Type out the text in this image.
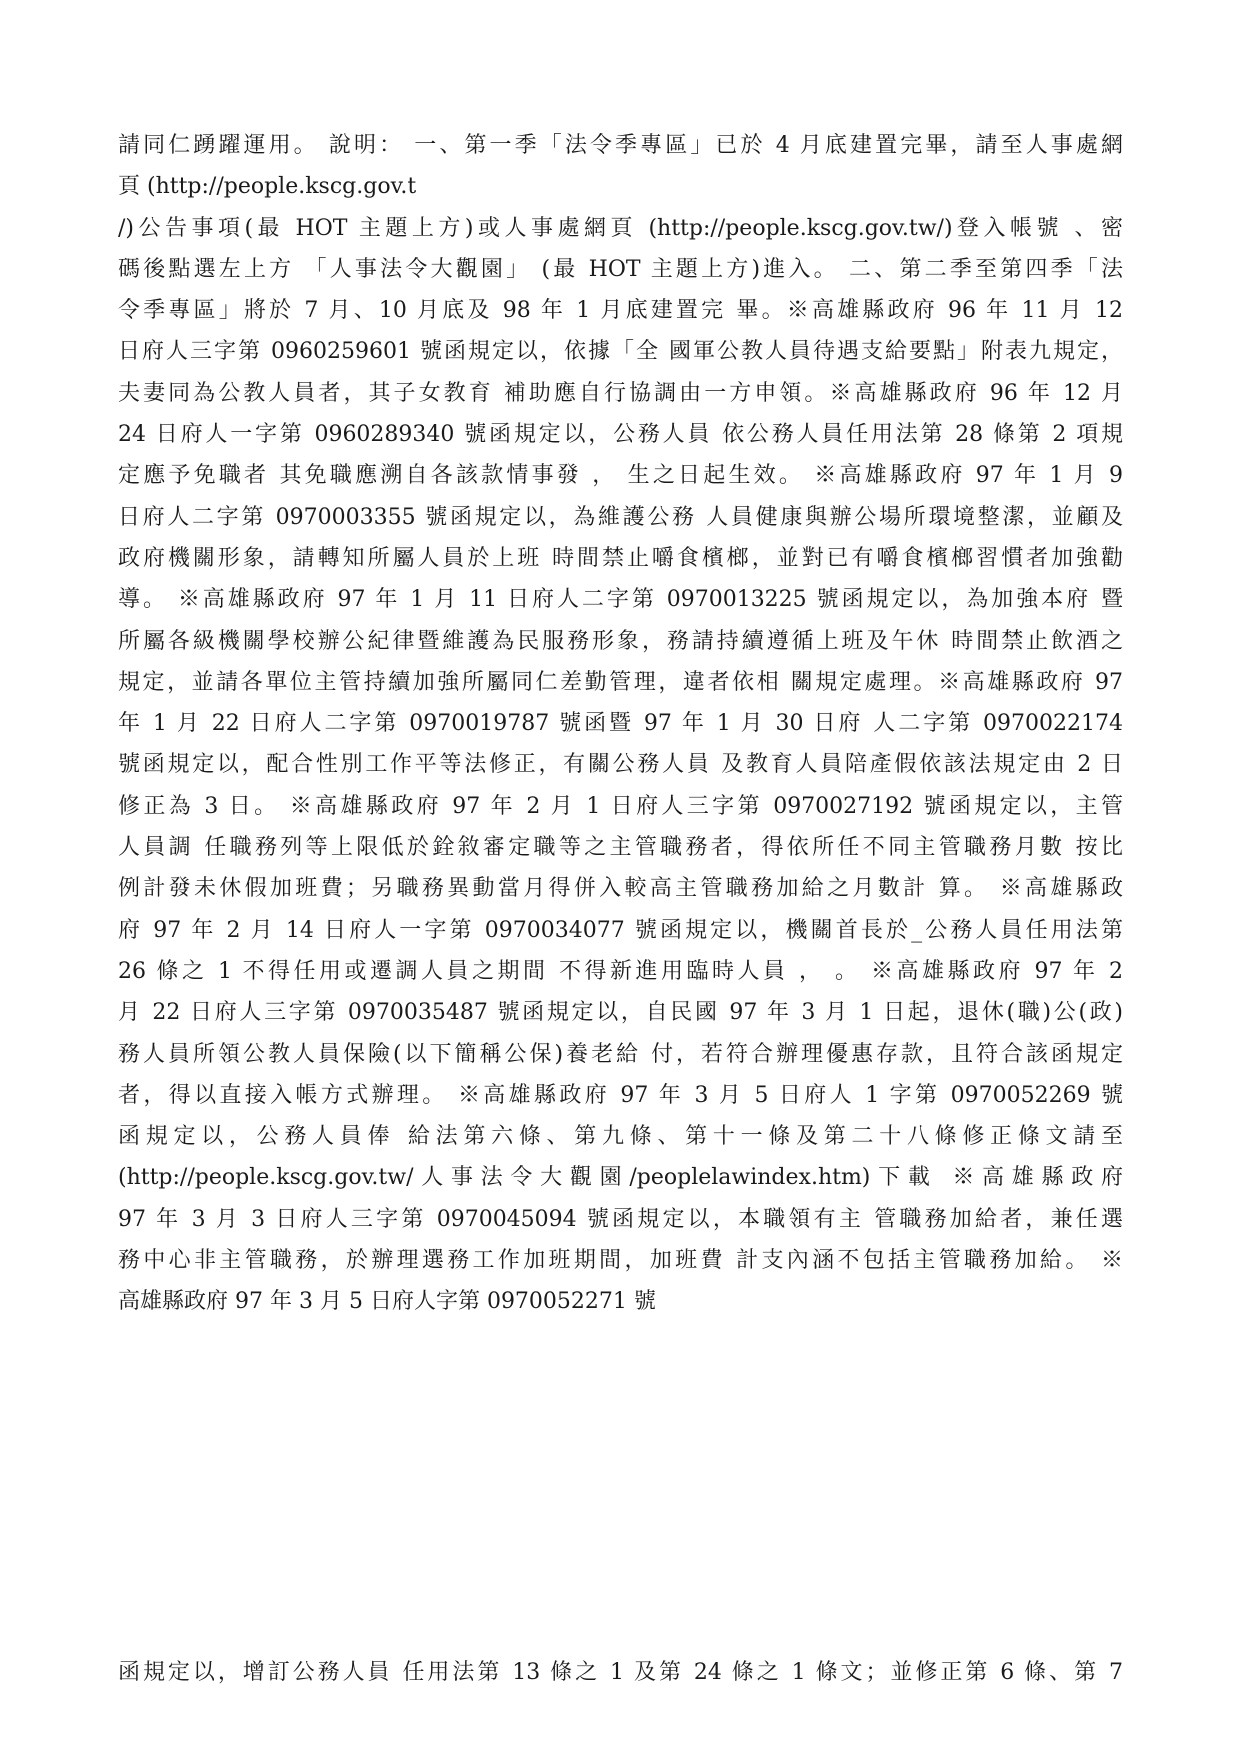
請同仁踴躍運用。 說明： 一、第一季「法令季專區」已於 4 月底建置完畢，請至人事處網
頁 (http://people.kscg.gov.t
/)公告事項(最 HOT 主題上方)或人事處網頁 (http://people.kscg.gov.tw/)登入帳號 、密
碼後點選左上方 「人事法令大觀園」 (最 HOT 主題上方)進入。 二、第二季至第四季「法
令季專區」將於 7 月、10 月底及 98 年 1 月底建置完 畢。※高雄縣政府 96 年 11 月 12
日府人三字第 0960259601 號函規定以，依據「全 國軍公教人員待遇支給要點」附表九規定，
夫妻同為公教人員者，其子女教育 補助應自行協調由一方申領。※高雄縣政府 96 年 12 月
24 日府人一字第 0960289340 號函規定以，公務人員 依公務人員任用法第 28 條第 2 項規
定應予免職者 其免職應溯自各該款情事發 ， 生之日起生效。 ※高雄縣政府 97 年 1 月 9
日府人二字第 0970003355 號函規定以，為維護公務 人員健康與辦公場所環境整潔，並顧及
政府機關形象，請轉知所屬人員於上班 時間禁止嚼食檳榔，並對已有嚼食檳榔習慣者加強勸
導。 ※高雄縣政府 97 年 1 月 11 日府人二字第 0970013225 號函規定以，為加強本府 暨
所屬各級機關學校辦公紀律暨維護為民服務形象，務請持續遵循上班及午休 時間禁止飲酒之
規定，並請各單位主管持續加強所屬同仁差勤管理，違者依相 關規定處理。※高雄縣政府 97
年 1 月 22 日府人二字第 0970019787 號函暨 97 年 1 月 30 日府 人二字第 0970022174
號函規定以，配合性別工作平等法修正，有關公務人員 及教育人員陪產假依該法規定由 2 日
修正為 3 日。 ※高雄縣政府 97 年 2 月 1 日府人三字第 0970027192 號函規定以，主管
人員調 任職務列等上限低於銓敘審定職等之主管職務者，得依所任不同主管職務月數 按比
例計發未休假加班費；另職務異動當月得併入較高主管職務加給之月數計 算。 ※高雄縣政
府 97 年 2 月 14 日府人一字第 0970034077 號函規定以，機關首長於_公務人員任用法第
26 條之 1 不得任用或遷調人員之期間 不得新進用臨時人員 ， 。 ※高雄縣政府 97 年 2
月 22 日府人三字第 0970035487 號函規定以，自民國 97 年 3 月 1 日起，退休(職)公(政)
務人員所領公教人員保險(以下簡稱公保)養老給 付，若符合辦理優惠存款，且符合該函規定
者，得以直接入帳方式辦理。 ※高雄縣政府 97 年 3 月 5 日府人 1 字第 0970052269 號
函規定以，公務人員俸 給法第六條、第九條、第十一條及第二十八條修正條文請至
(http://people.kscg.gov.tw/人事法令大觀園/peoplelawindex.htm)下載 ※高雄縣政府
97 年 3 月 3 日府人三字第 0970045094 號函規定以，本職領有主 管職務加給者，兼任選
務中心非主管職務，於辦理選務工作加班期間，加班費 計支內涵不包括主管職務加給。 ※
高雄縣政府 97 年 3 月 5 日府人字第 0970052271 號
函規定以，增訂公務人員 任用法第 13 條之 1 及第 24 條之 1 條文；並修正第 6 條、第 7
